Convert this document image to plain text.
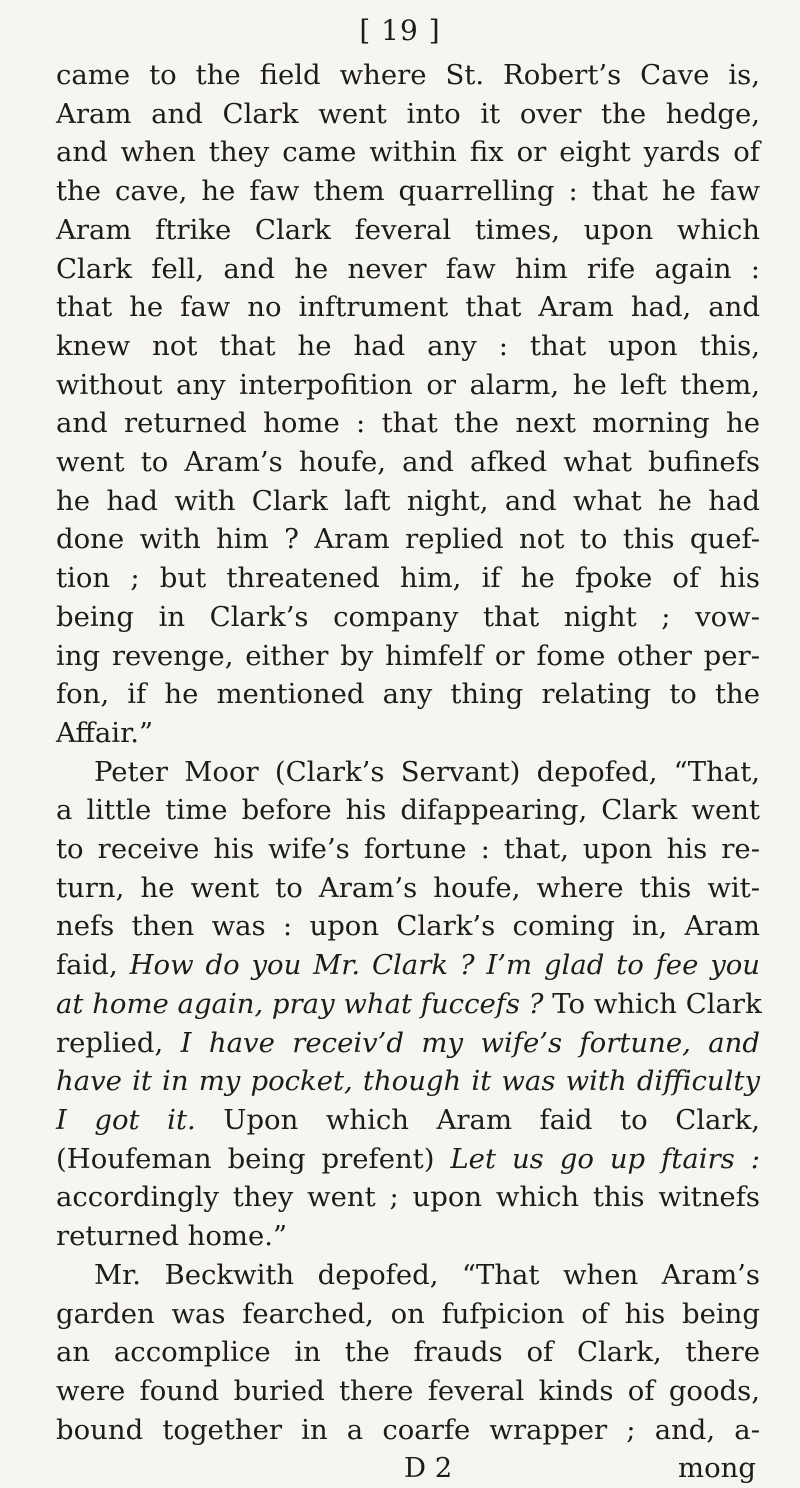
[ 19 ]
came to the field where St. Robert’s Cave is,
Aram and Clark went into it over the hedge,
and when they came within fix or eight yards of
the cave, he faw them quarrelling : that he faw
Aram ftrike Clark feveral times, upon which
Clark fell, and he never faw him rife again :
that he faw no inftrument that Aram had, and
knew not that he had any : that upon this,
without any interpofition or alarm, he left them,
and returned home : that the next morning he
went to Aram’s houfe, and afked what bufinefs
he had with Clark laft night, and what he had
done with him ? Aram replied not to this quef-
tion ; but threatened him, if he fpoke of his
being in Clark’s company that night ; vow-
ing revenge, either by himfelf or fome other per-
fon, if he mentioned any thing relating to the
Affair.”
Peter Moor (Clark’s Servant) depofed, “That,
a little time before his difappearing, Clark went
to receive his wife’s fortune : that, upon his re-
turn, he went to Aram’s houfe, where this wit-
nefs then was : upon Clark’s coming in, Aram
faid, How do you Mr. Clark ? I’m glad to fee you
at home again, pray what fuccefs ? To which Clark
replied, I have receiv’d my wife’s fortune, and
have it in my pocket, though it was with difficulty
I got it. Upon which Aram faid to Clark,
(Houfeman being prefent) Let us go up ftairs :
accordingly they went ; upon which this witnefs
returned home.”
Mr. Beckwith depofed, “That when Aram’s
garden was fearched, on fufpicion of his being
an accomplice in the frauds of Clark, there
were found buried there feveral kinds of goods,
bound together in a coarfe wrapper ; and, a-
D 2	mong
